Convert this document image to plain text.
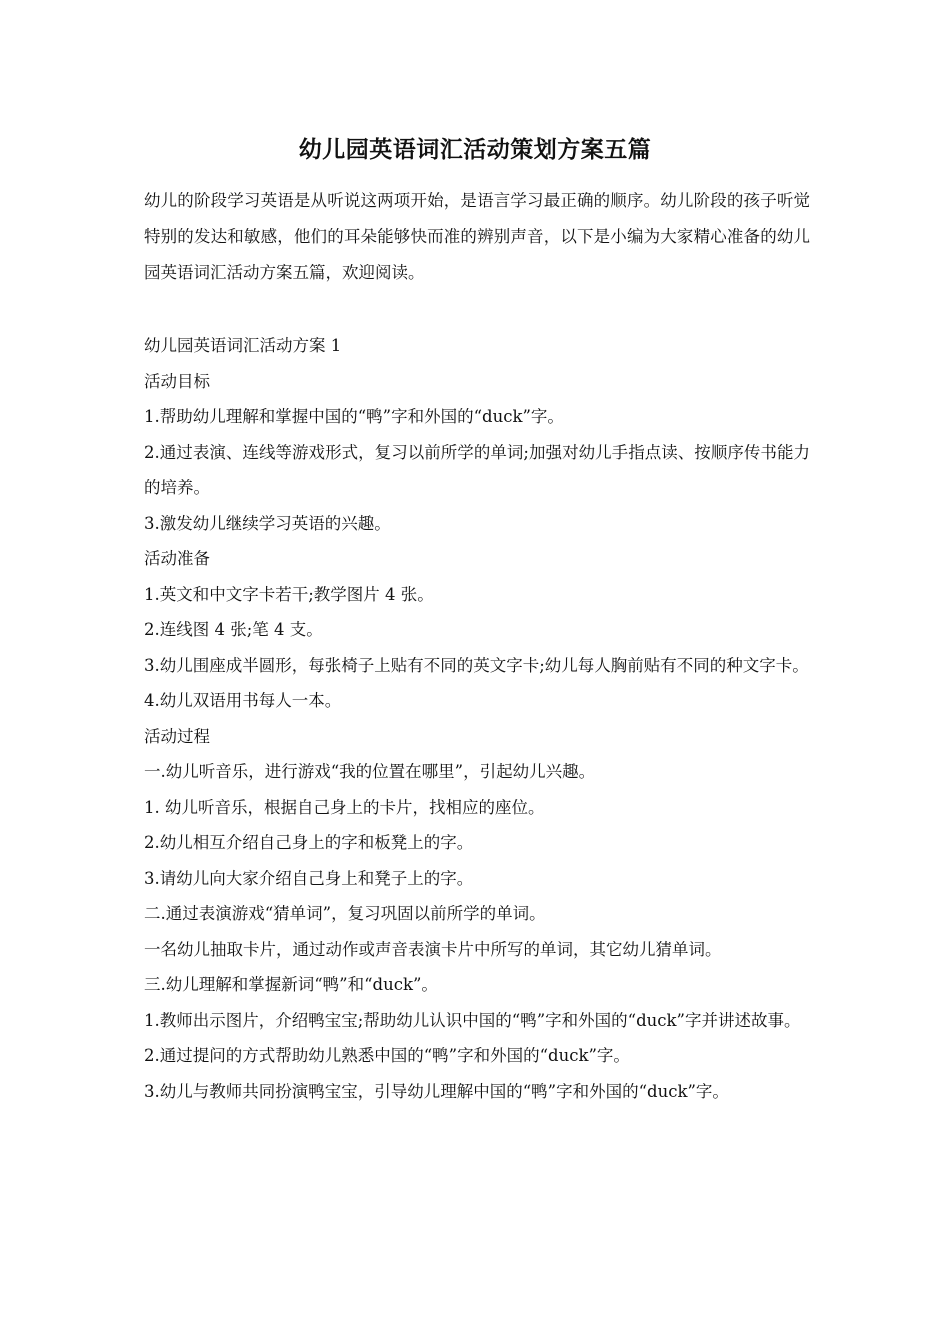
幼儿园英语词汇活动策划方案五篇

幼儿的阶段学习英语是从听说这两项开始，是语言学习最正确的顺序。幼儿阶段的孩子听觉特别的发达和敏感，他们的耳朵能够快而准的辨别声音，以下是小编为大家精心准备的幼儿园英语词汇活动方案五篇，欢迎阅读。

幼儿园英语词汇活动方案 1

活动目标

1.帮助幼儿理解和掌握中国的“鸭”字和外国的“duck”字。

2.通过表演、连线等游戏形式，复习以前所学的单词;加强对幼儿手指点读、按顺序传书能力的培养。

3.激发幼儿继续学习英语的兴趣。

活动准备

1.英文和中文字卡若干;教学图片 4 张。

2.连线图 4 张;笔 4 支。

3.幼儿围座成半圆形，每张椅子上贴有不同的英文字卡;幼儿每人胸前贴有不同的种文字卡。

4.幼儿双语用书每人一本。

活动过程

一.幼儿听音乐，进行游戏“我的位置在哪里”，引起幼儿兴趣。

1. 幼儿听音乐，根据自己身上的卡片，找相应的座位。

2.幼儿相互介绍自己身上的字和板凳上的字。

3.请幼儿向大家介绍自己身上和凳子上的字。

二.通过表演游戏“猜单词”，复习巩固以前所学的单词。

一名幼儿抽取卡片，通过动作或声音表演卡片中所写的单词，其它幼儿猜单词。

三.幼儿理解和掌握新词“鸭”和“duck”。

1.教师出示图片，介绍鸭宝宝;帮助幼儿认识中国的“鸭”字和外国的“duck”字并讲述故事。

2.通过提问的方式帮助幼儿熟悉中国的“鸭”字和外国的“duck”字。

3.幼儿与教师共同扮演鸭宝宝，引导幼儿理解中国的“鸭”字和外国的“duck”字。
